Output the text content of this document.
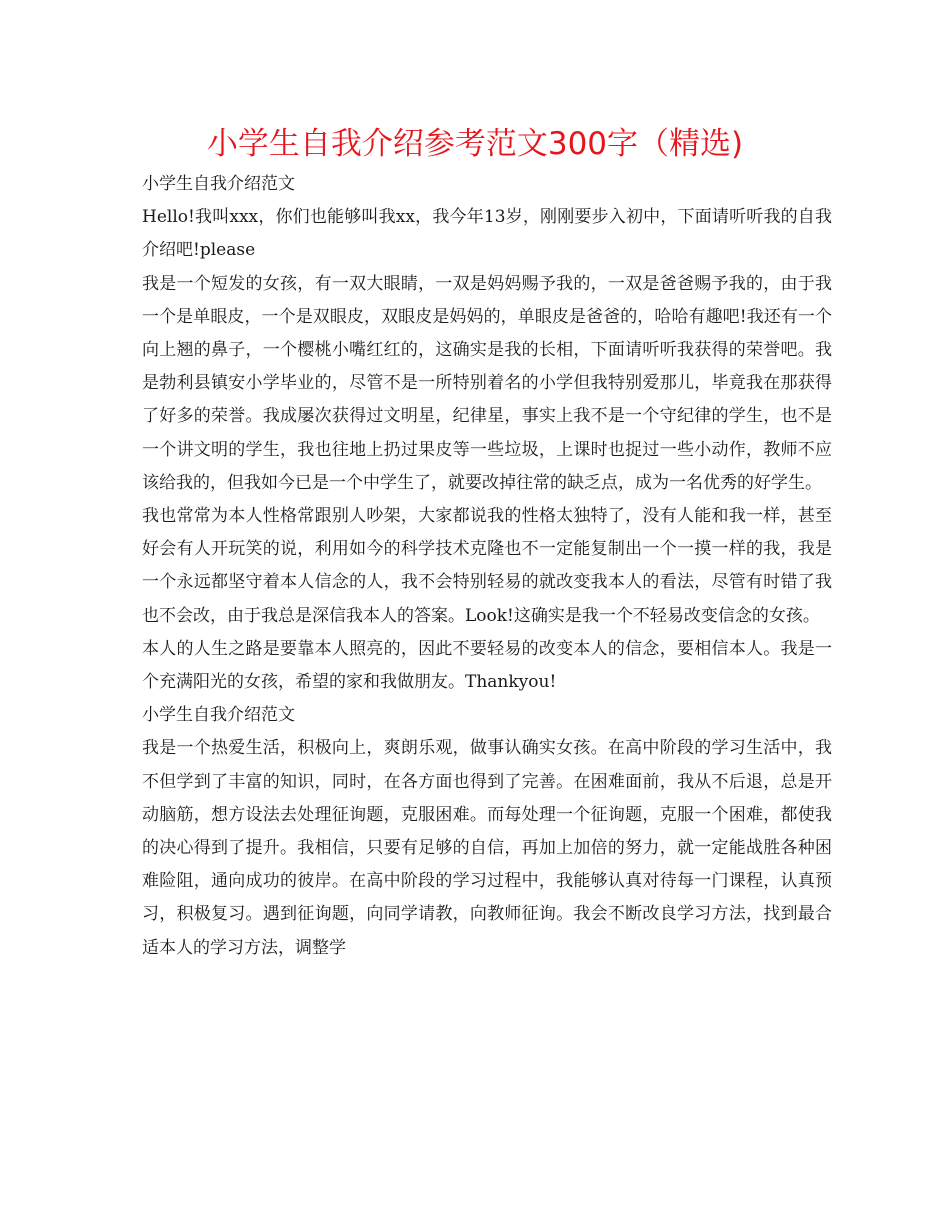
小学生自我介绍参考范文300字（精选)

小学生自我介绍范文

Hello!我叫xxx，你们也能够叫我xx，我今年13岁，刚刚要步入初中，下面请听听我的自我介绍吧!please

我是一个短发的女孩，有一双大眼睛，一双是妈妈赐予我的，一双是爸爸赐予我的，由于我一个是单眼皮，一个是双眼皮，双眼皮是妈妈的，单眼皮是爸爸的，哈哈有趣吧!我还有一个向上翘的鼻子，一个樱桃小嘴红红的，这确实是我的长相，下面请听听我获得的荣誉吧。我是勃利县镇安小学毕业的，尽管不是一所特别着名的小学但我特别爱那儿，毕竟我在那获得了好多的荣誉。我成屡次获得过文明星，纪律星，事实上我不是一个守纪律的学生，也不是一个讲文明的学生，我也往地上扔过果皮等一些垃圾，上课时也捉过一些小动作，教师不应该给我的，但我如今已是一个中学生了，就要改掉往常的缺乏点，成为一名优秀的好学生。

我也常常为本人性格常跟别人吵架，大家都说我的性格太独特了，没有人能和我一样，甚至好会有人开玩笑的说，利用如今的科学技术克隆也不一定能复制出一个一摸一样的我，我是一个永远都坚守着本人信念的人，我不会特别轻易的就改变我本人的看法，尽管有时错了我也不会改，由于我总是深信我本人的答案。Look!这确实是我一个不轻易改变信念的女孩。

本人的人生之路是要靠本人照亮的，因此不要轻易的改变本人的信念，要相信本人。我是一个充满阳光的女孩，希望的家和我做朋友。Thankyou!

小学生自我介绍范文

我是一个热爱生活，积极向上，爽朗乐观，做事认确实女孩。在高中阶段的学习生活中，我不但学到了丰富的知识，同时，在各方面也得到了完善。在困难面前，我从不后退，总是开动脑筋，想方设法去处理征询题，克服困难。而每处理一个征询题，克服一个困难，都使我的决心得到了提升。我相信，只要有足够的自信，再加上加倍的努力，就一定能战胜各种困难险阻，通向成功的彼岸。在高中阶段的学习过程中，我能够认真对待每一门课程，认真预习，积极复习。遇到征询题，向同学请教，向教师征询。我会不断改良学习方法，找到最合适本人的学习方法，调整学
